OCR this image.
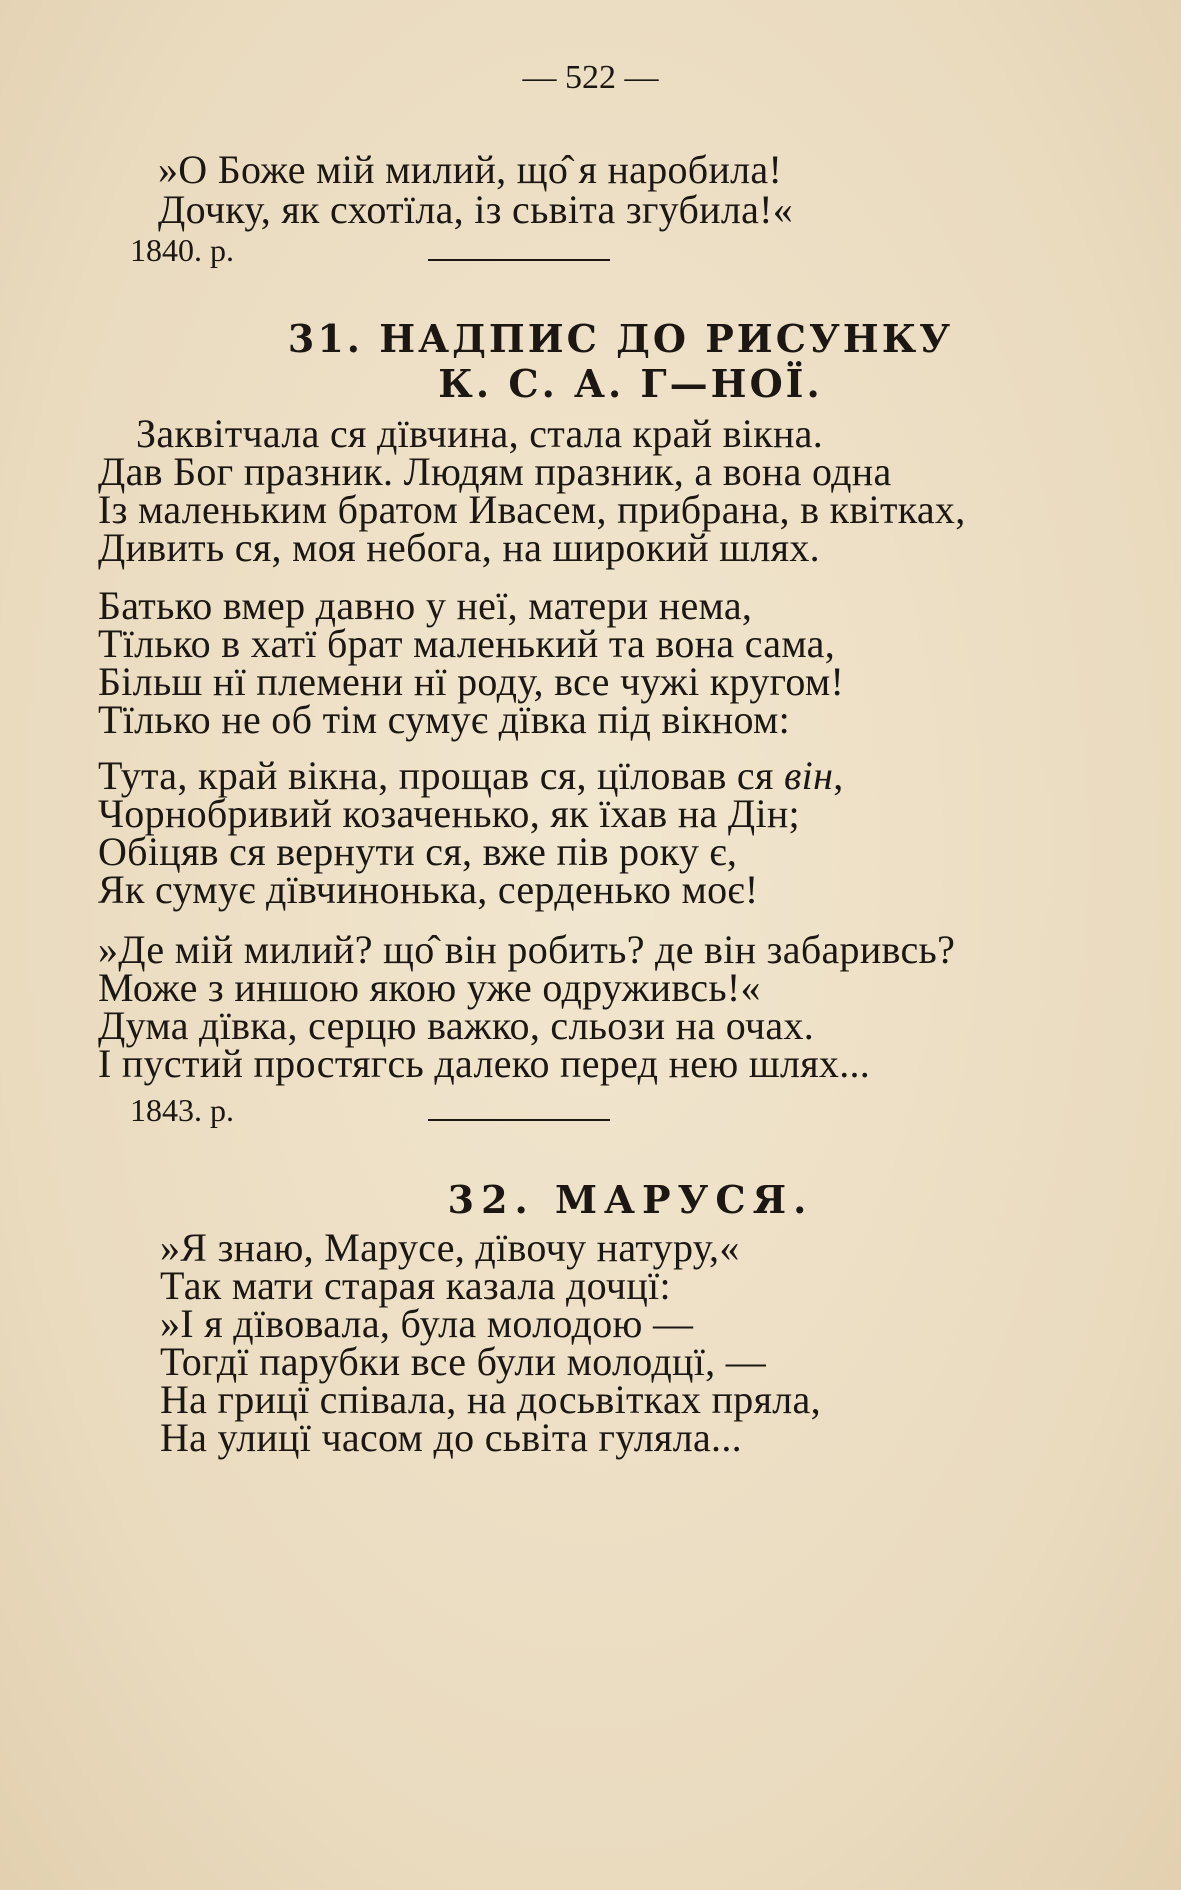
— 522 —
»О Боже мій милий, що̂ я наробила!
Дочку, як схотїла, із сьвіта згубила!«
1840. р.
31. НАДПИС ДО РИСУНКУ
К. С. А. Г—НОЇ.
Заквітчала ся дївчина, стала край вікна.
Дав Бог празник. Людям празник, а вона одна
Із маленьким братом Ивасем, прибрана, в квітках,
Дивить ся, моя небога, на широкий шлях.
Батько вмер давно у неї, матери нема,
Тїлько в хатї брат маленький та вона сама,
Більш нї племени нї роду, все чужі кругом!
Тїлько не об тім сумує дївка під вікном:
Тута, край вікна, прощав ся, цїловав ся він,
Чорнобривий козаченько, як їхав на Дін;
Обіцяв ся вернути ся, вже пів року є,
Як сумує дївчинонька, серденько моє!
»Де мій милий? що̂ він робить? де він забаривсь?
Може з иншою якою уже одруживсь!«
Дума дївка, серцю важко, сльози на очах.
І пустий простягсь далеко перед нею шлях...
1843. р.
32. МАРУСЯ.
»Я знаю, Марусе, дївочу натуру,«
Так мати старая казала дочцї:
»І я дївовала, була молодою —
Тогдї парубки все були молодцї, —
На грицї співала, на досьвітках пряла,
На улицї часом до сьвіта гуляла...
